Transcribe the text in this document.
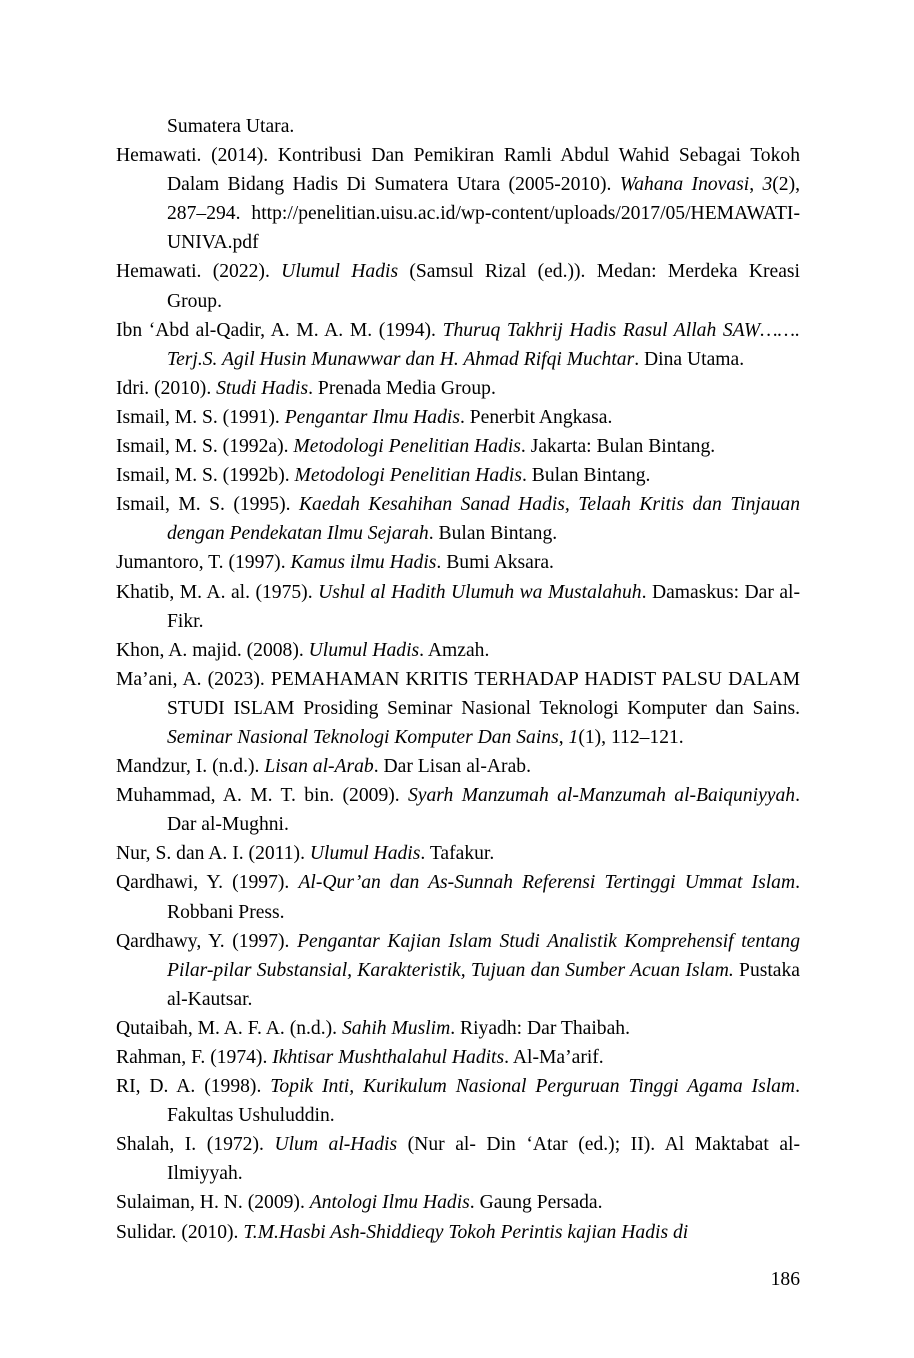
Sumatera Utara.

Hemawati. (2014). Kontribusi Dan Pemikiran Ramli Abdul Wahid Sebagai Tokoh Dalam Bidang Hadis Di Sumatera Utara (2005-2010). Wahana Inovasi, 3(2), 287–294. http://penelitian.uisu.ac.id/wp-content/uploads/2017/05/HEMAWATI-UNIVA.pdf

Hemawati. (2022). Ulumul Hadis (Samsul Rizal (ed.)). Medan: Merdeka Kreasi Group.

Ibn ʻAbd al-Qadir, A. M. A. M. (1994). Thuruq Takhrij Hadis Rasul Allah SAW……. Terj.S. Agil Husin Munawwar dan H. Ahmad Rifqi Muchtar. Dina Utama.

Idri. (2010). Studi Hadis. Prenada Media Group.

Ismail, M. S. (1991). Pengantar Ilmu Hadis. Penerbit Angkasa.

Ismail, M. S. (1992a). Metodologi Penelitian Hadis. Jakarta: Bulan Bintang.

Ismail, M. S. (1992b). Metodologi Penelitian Hadis. Bulan Bintang.

Ismail, M. S. (1995). Kaedah Kesahihan Sanad Hadis, Telaah Kritis dan Tinjauan dengan Pendekatan Ilmu Sejarah. Bulan Bintang.

Jumantoro, T. (1997). Kamus ilmu Hadis. Bumi Aksara.

Khatib, M. A. al. (1975). Ushul al Hadith Ulumuh wa Mustalahuh. Damaskus: Dar al-Fikr.

Khon, A. majid. (2008). Ulumul Hadis. Amzah.

Ma’ani, A. (2023). PEMAHAMAN KRITIS TERHADAP HADIST PALSU DALAM STUDI ISLAM Prosiding Seminar Nasional Teknologi Komputer dan Sains. Seminar Nasional Teknologi Komputer Dan Sains, 1(1), 112–121.

Mandzur, I. (n.d.). Lisan al-Arab. Dar Lisan al-Arab.

Muhammad, A. M. T. bin. (2009). Syarh Manzumah al-Manzumah al-Baiquniyyah. Dar al-Mughni.

Nur, S. dan A. I. (2011). Ulumul Hadis. Tafakur.

Qardhawi, Y. (1997). Al-Qur’an dan As-Sunnah Referensi Tertinggi Ummat Islam. Robbani Press.

Qardhawy, Y. (1997). Pengantar Kajian Islam Studi Analistik Komprehensif tentang Pilar-pilar Substansial, Karakteristik, Tujuan dan Sumber Acuan Islam. Pustaka al-Kautsar.

Qutaibah, M. A. F. A. (n.d.). Sahih Muslim. Riyadh: Dar Thaibah.

Rahman, F. (1974). Ikhtisar Mushthalahul Hadits. Al-Ma’arif.

RI, D. A. (1998). Topik Inti, Kurikulum Nasional Perguruan Tinggi Agama Islam. Fakultas Ushuluddin.

Shalah, I. (1972). Ulum al-Hadis (Nur al- Din ʻAtar (ed.); II). Al Maktabat al- Ilmiyyah.

Sulaiman, H. N. (2009). Antologi Ilmu Hadis. Gaung Persada.

Sulidar. (2010). T.M.Hasbi Ash-Shiddieqy Tokoh Perintis kajian Hadis di

186
